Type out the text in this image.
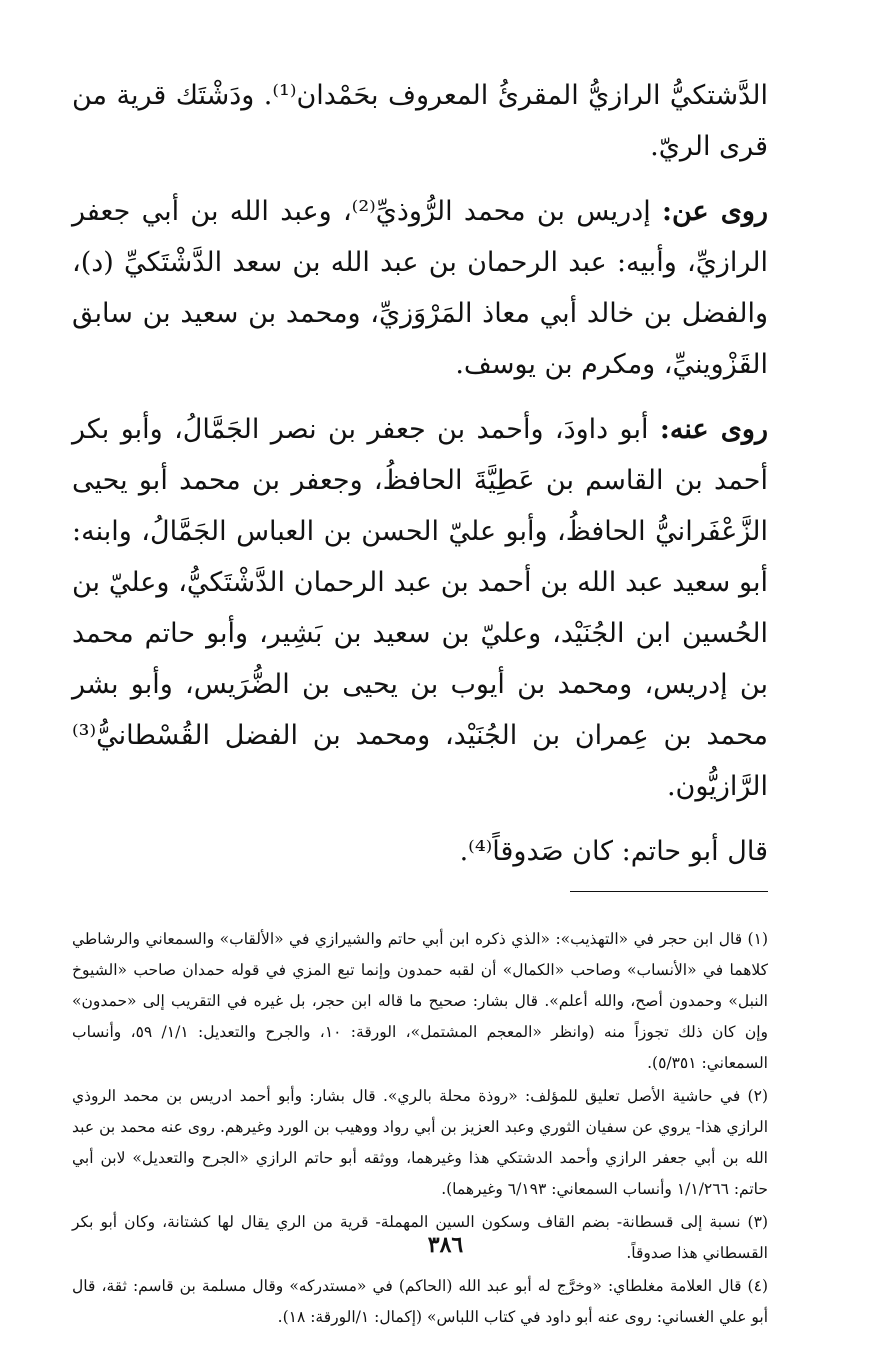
الدَّشتكيُّ الرازيُّ المقرئُ المعروف بحَمْدان⁽¹⁾. ودَشْتَك قرية من قرى الريّ.

روى عن: إدريس بن محمد الرُّوذيِّ⁽²⁾، وعبد الله بن أبي جعفر الرازيِّ، وأبيه: عبد الرحمان بن عبد الله بن سعد الدَّشْتَكيِّ (د)، والفضل بن خالد أبي معاذ المَرْوَزيِّ، ومحمد بن سعيد بن سابق القَزْوينيِّ، ومكرم بن يوسف.

روى عنه: أبو داودَ، وأحمد بن جعفر بن نصر الجَمَّالُ، وأبو بكر أحمد بن القاسم بن عَطِيَّةَ الحافظُ، وجعفر بن محمد أبو يحيى الزَّعْفَرانيُّ الحافظُ، وأبو عليّ الحسن بن العباس الجَمَّالُ، وابنه: أبو سعيد عبد الله بن أحمد بن عبد الرحمان الدَّشْتَكيُّ، وعليّ بن الحُسين ابن الجُنَيْد، وعليّ بن سعيد بن بَشِير، وأبو حاتم محمد بن إدريس، ومحمد بن أيوب بن يحيى بن الضُّرَيس، وأبو بشر محمد بن عِمران بن الجُنَيْد، ومحمد بن الفضل القُسْطانيُّ⁽³⁾ الرَّازيُّون.

قال أبو حاتم: كان صَدوقاً⁽⁴⁾.

(١) قال ابن حجر في «التهذيب»: «الذي ذكره ابن أبي حاتم والشيرازي في «الألقاب» والسمعاني والرشاطي كلاهما في «الأنساب» وصاحب «الكمال» أن لقبه حمدون وإنما تبع المزي في قوله حمدان صاحب «الشيوخ النبل» وحمدون أصح، والله أعلم». قال بشار: صحيح ما قاله ابن حجر، بل غيره في التقريب إلى «حمدون» وإن كان ذلك تجوزاً منه (وانظر «المعجم المشتمل»، الورقة: ١٠، والجرح والتعديل: ١/١/ ٥٩، وأنساب السمعاني: ٥/٣٥١).

(٢) في حاشية الأصل تعليق للمؤلف: «روذة محلة بالري». قال بشار: وأبو أحمد ادريس بن محمد الروذي الرازي هذا- يروي عن سفيان الثوري وعبد العزيز بن أبي رواد ووهيب بن الورد وغيرهم. روى عنه محمد بن عبد الله بن أبي جعفر الرازي وأحمد الدشتكي هذا وغيرهما، ووثقه أبو حاتم الرازي «الجرح والتعديل» لابن أبي حاتم: ١/١/٢٦٦ وأنساب السمعاني: ٦/١٩٣ وغيرهما).

(٣) نسبة إلى قسطانة- بضم القاف وسكون السين المهملة- قرية من الري يقال لها كشتانة، وكان أبو بكر القسطاني هذا صدوقاً.

(٤) قال العلامة مغلطاي: «وخرَّج له أبو عبد الله (الحاكم) في «مستدركه» وقال مسلمة بن قاسم: ثقة، قال أبو علي الغساني: روى عنه أبو داود في كتاب اللباس» (إكمال: ١/الورقة: ١٨).

٣٨٦
